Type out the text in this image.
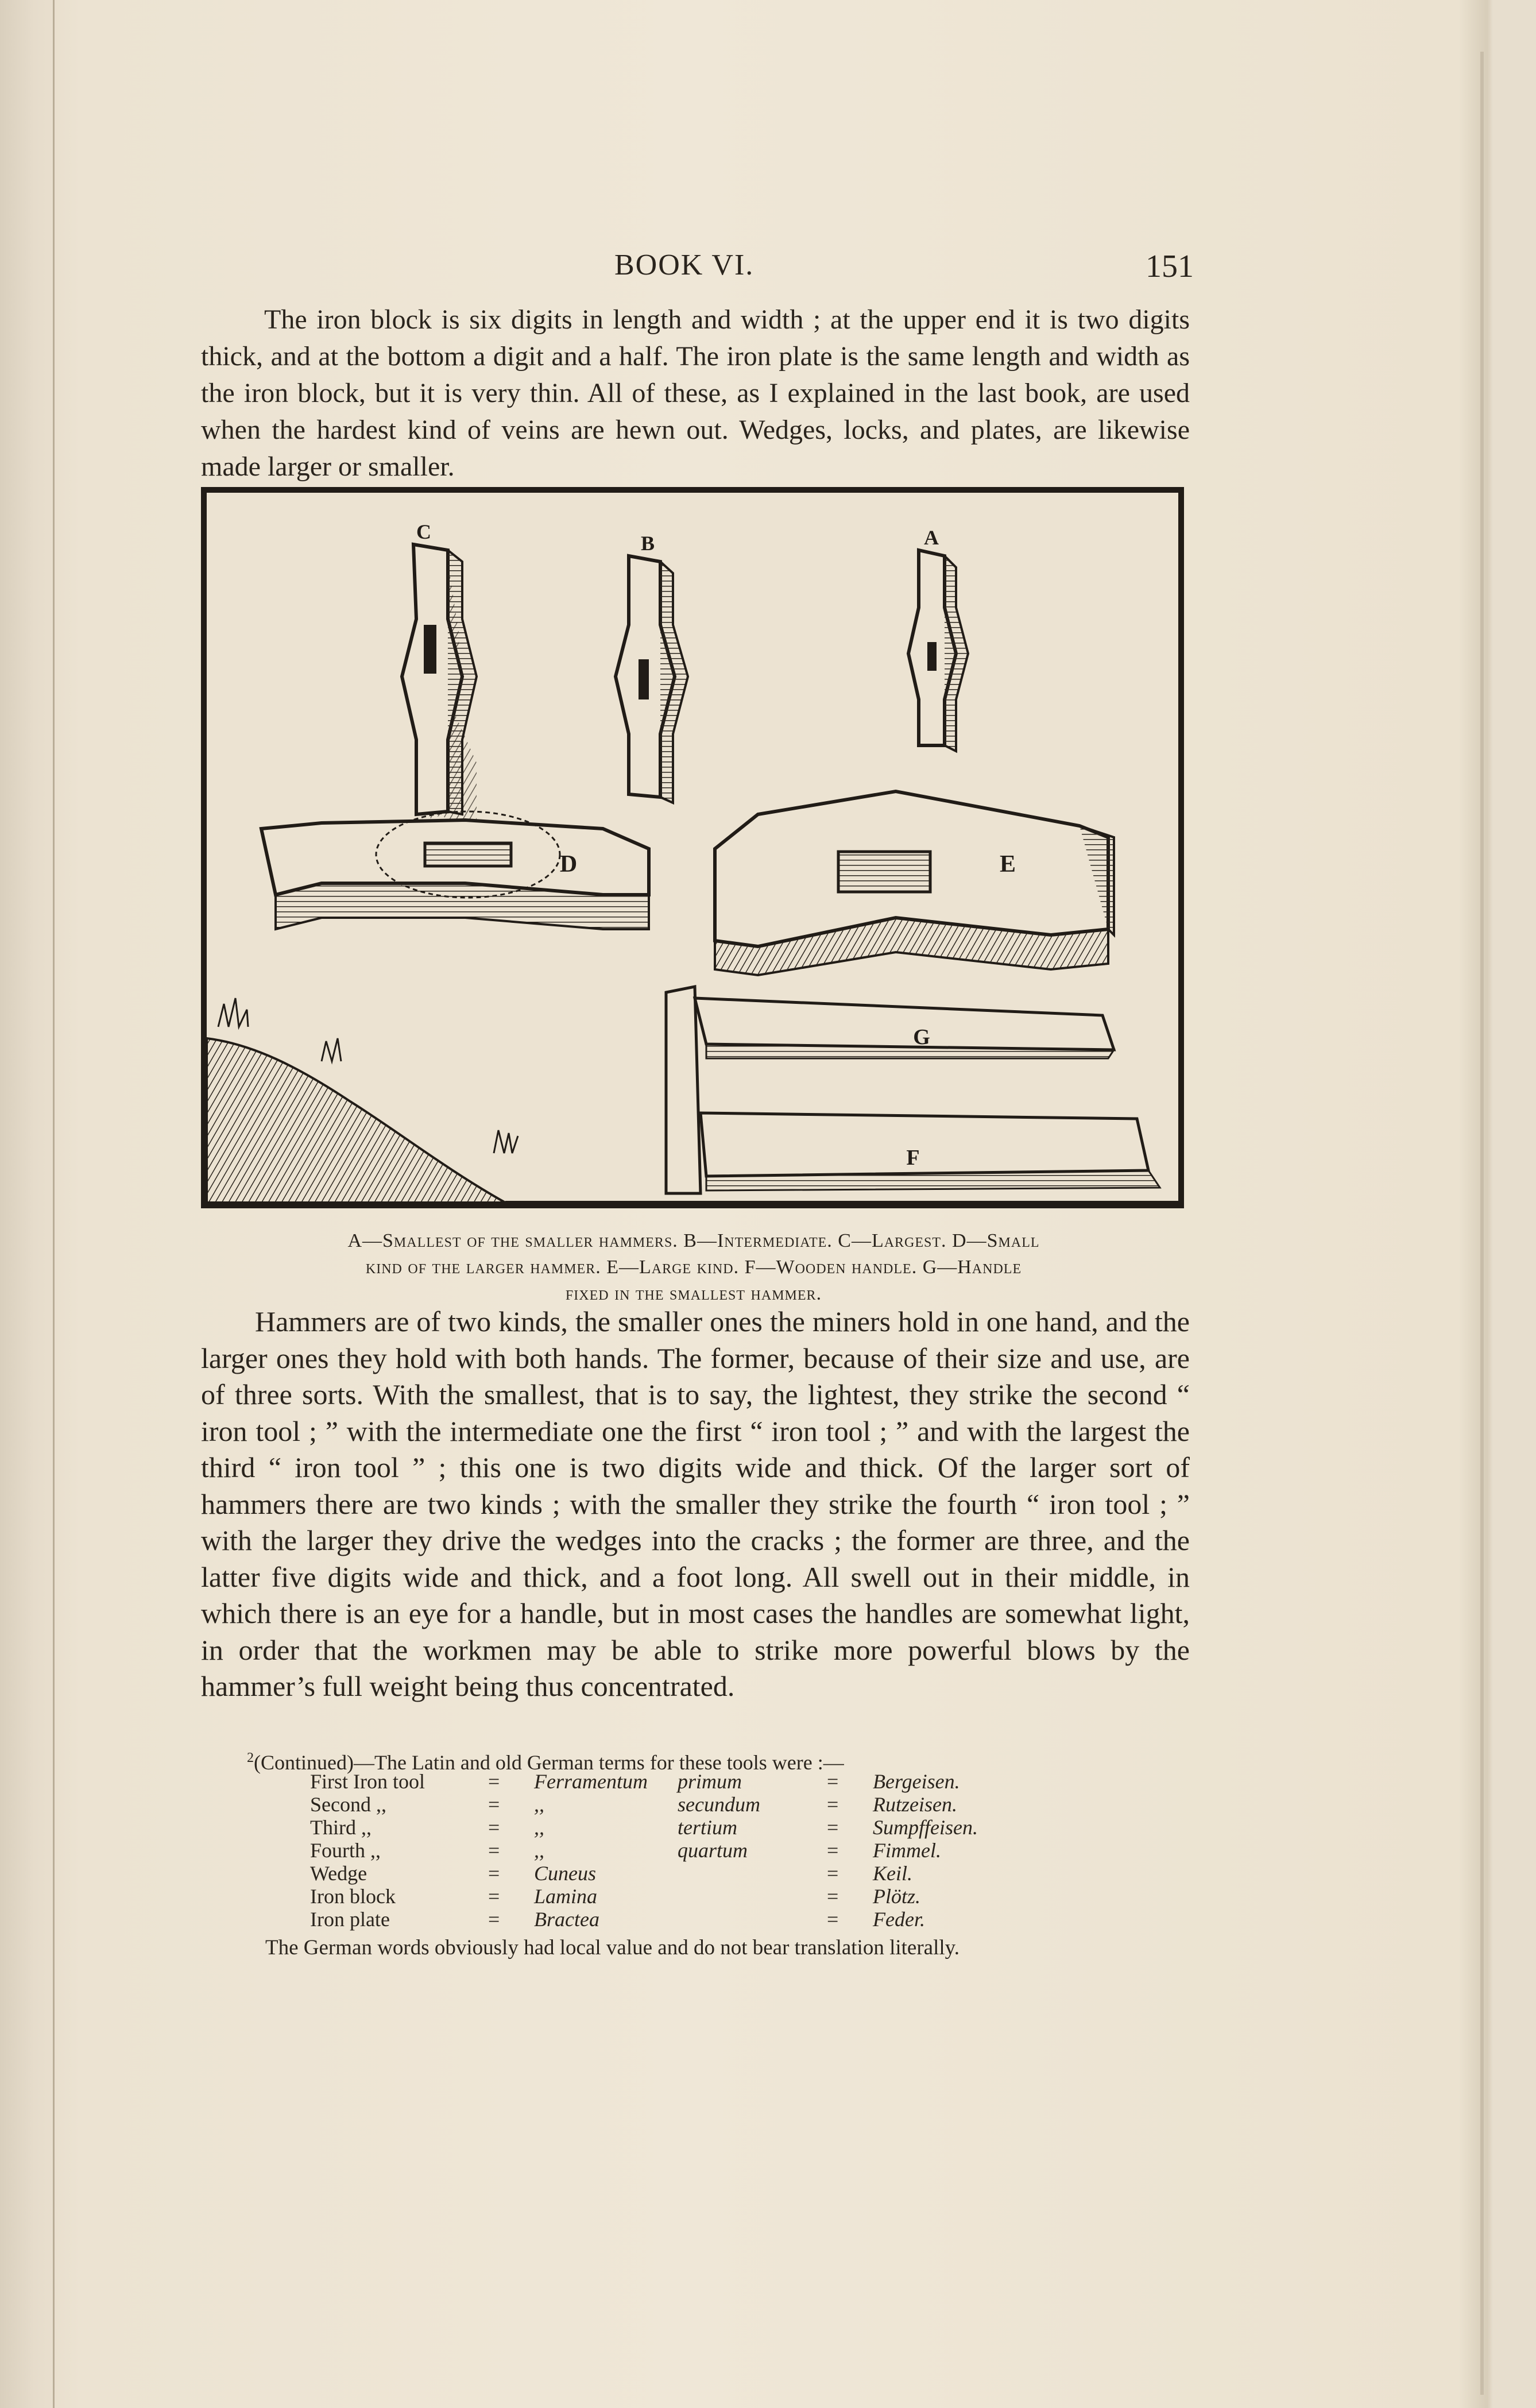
BOOK VI.	151

The iron block is six digits in length and width ; at the upper end it is two digits thick, and at the bottom a digit and a half. The iron plate is the same length and width as the iron block, but it is very thin. All of these, as I explained in the last book, are used when the hardest kind of veins are hewn out. Wedges, locks, and plates, are likewise made larger or smaller.

C	B	A
D	E
G
F
A—Smallest of the smaller hammers. B—Intermediate. C—Largest. D—Small
kind of the larger hammer. E—Large kind. F—Wooden handle. G—Handle
fixed in the smallest hammer.

Hammers are of two kinds, the smaller ones the miners hold in one hand, and the larger ones they hold with both hands. The former, because of their size and use, are of three sorts. With the smallest, that is to say, the lightest, they strike the second “ iron tool ; ” with the intermediate one the first “ iron tool ; ” and with the largest the third “ iron tool ” ; this one is two digits wide and thick. Of the larger sort of hammers there are two kinds ; with the smaller they strike the fourth “ iron tool ; ” with the larger they drive the wedges into the cracks ; the former are three, and the latter five digits wide and thick, and a foot long. All swell out in their middle, in which there is an eye for a handle, but in most cases the handles are somewhat light, in order that the workmen may be able to strike more powerful blows by the hammer’s full weight being thus concentrated.

$^2$(Continued)—The Latin and old German terms for these tools were :—
First Iron tool	=	Ferramentum	primum	=	Bergeisen.
Second ,,	=	,,	secundum	=	Rutzeisen.
Third ,,	=	,,	tertium	=	Sumpffeisen.
Fourth ,,	=	,,	quartum	=	Fimmel.
Wedge	=	Cuneus		=	Keil.
Iron block	=	Lamina		=	Plötz.
Iron plate	=	Bractea		=	Feder.
The German words obviously had local value and do not bear translation literally.
